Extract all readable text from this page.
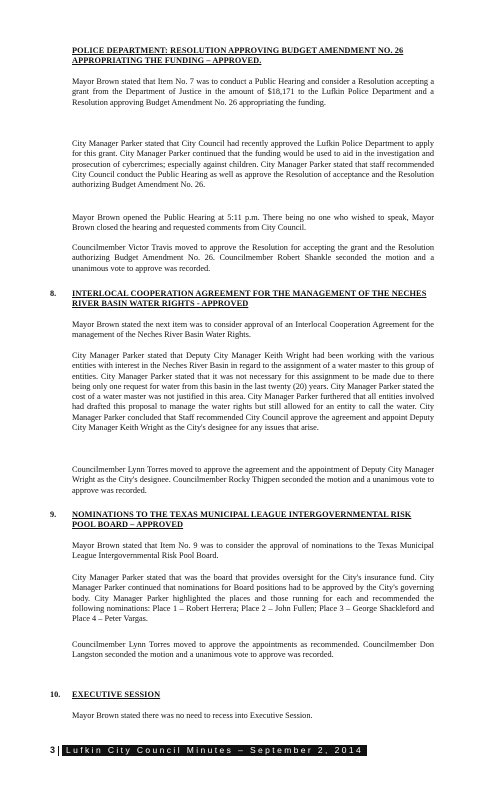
POLICE DEPARTMENT: RESOLUTION APPROVING BUDGET AMENDMENT NO. 26 APPROPRIATING THE FUNDING – APPROVED.
Mayor Brown stated that Item No. 7 was to conduct a Public Hearing and consider a Resolution accepting a grant from the Department of Justice in the amount of $18,171 to the Lufkin Police Department and a Resolution approving Budget Amendment No. 26 appropriating the funding.
City Manager Parker stated that City Council had recently approved the Lufkin Police Department to apply for this grant. City Manager Parker continued that the funding would be used to aid in the investigation and prosecution of cybercrimes; especially against children. City Manager Parker stated that staff recommended City Council conduct the Public Hearing as well as approve the Resolution of acceptance and the Resolution authorizing Budget Amendment No. 26.
Mayor Brown opened the Public Hearing at 5:11 p.m. There being no one who wished to speak, Mayor Brown closed the hearing and requested comments from City Council.
Councilmember Victor Travis moved to approve the Resolution for accepting the grant and the Resolution authorizing Budget Amendment No. 26. Councilmember Robert Shankle seconded the motion and a unanimous vote to approve was recorded.
8. INTERLOCAL COOPERATION AGREEMENT FOR THE MANAGEMENT OF THE NECHES RIVER BASIN WATER RIGHTS - APPROVED
Mayor Brown stated the next item was to consider approval of an Interlocal Cooperation Agreement for the management of the Neches River Basin Water Rights.
City Manager Parker stated that Deputy City Manager Keith Wright had been working with the various entities with interest in the Neches River Basin in regard to the assignment of a water master to this group of entities. City Manager Parker stated that it was not necessary for this assignment to be made due to there being only one request for water from this basin in the last twenty (20) years. City Manager Parker stated the cost of a water master was not justified in this area. City Manager Parker furthered that all entities involved had drafted this proposal to manage the water rights but still allowed for an entity to call the water. City Manager Parker concluded that Staff recommended City Council approve the agreement and appoint Deputy City Manager Keith Wright as the City's designee for any issues that arise.
Councilmember Lynn Torres moved to approve the agreement and the appointment of Deputy City Manager Wright as the City's designee. Councilmember Rocky Thigpen seconded the motion and a unanimous vote to approve was recorded.
9. NOMINATIONS TO THE TEXAS MUNICIPAL LEAGUE INTERGOVERNMENTAL RISK POOL BOARD – APPROVED
Mayor Brown stated that Item No. 9 was to consider the approval of nominations to the Texas Municipal League Intergovernmental Risk Pool Board.
City Manager Parker stated that was the board that provides oversight for the City's insurance fund. City Manager Parker continued that nominations for Board positions had to be approved by the City's governing body. City Manager Parker highlighted the places and those running for each and recommended the following nominations: Place 1 – Robert Herrera; Place 2 – John Fullen; Place 3 – George Shackleford and Place 4 – Peter Vargas.
Councilmember Lynn Torres moved to approve the appointments as recommended. Councilmember Don Langston seconded the motion and a unanimous vote to approve was recorded.
10. EXECUTIVE SESSION
Mayor Brown stated there was no need to recess into Executive Session.
3	Lufkin City Council Minutes – September 2, 2014
